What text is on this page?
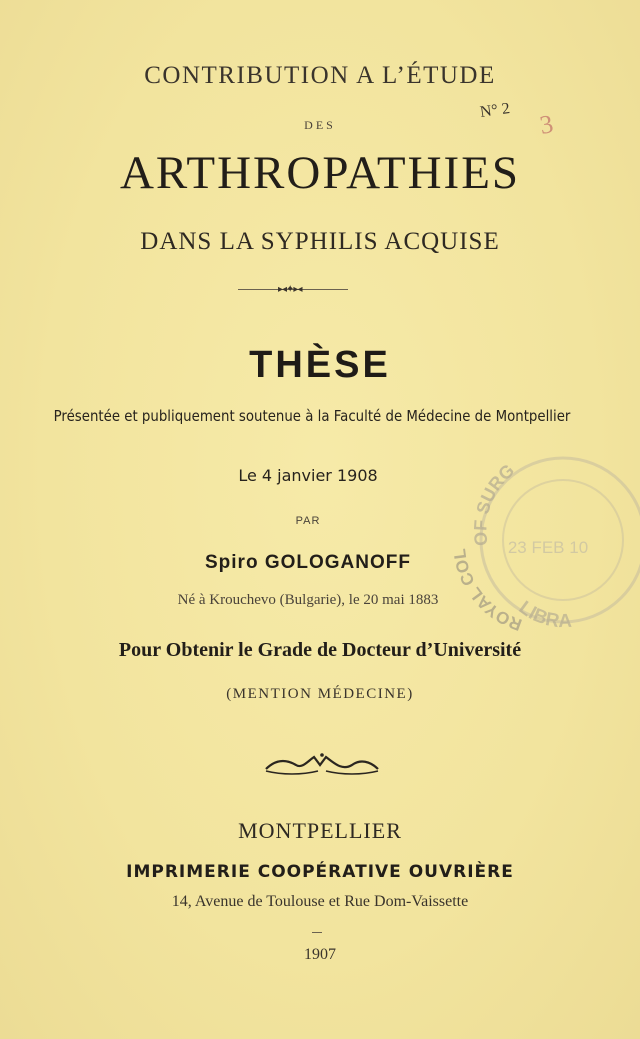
CONTRIBUTION A L’ÉTUDE
DES
N° 2 3
ARTHROPATHIES
DANS LA SYPHILIS ACQUISE
▸◂✦▸◂
THÈSE
Présentée et publiquement soutenue à la Faculté de Médecine de Montpellier
Le 4 janvier 1908
PAR
Spiro GOLOGANOFF
Né à Krouchevo (Bulgarie), le 20 mai 1883
OF SURG
ROYAL COL
LIBRA
23 FEB 10
Pour Obtenir le Grade de Docteur d’Université
(MENTION MÉDECINE)
MONTPELLIER
IMPRIMERIE COOPÉRATIVE OUVRIÈRE
14, Avenue de Toulouse et Rue Dom-Vaissette
1907
